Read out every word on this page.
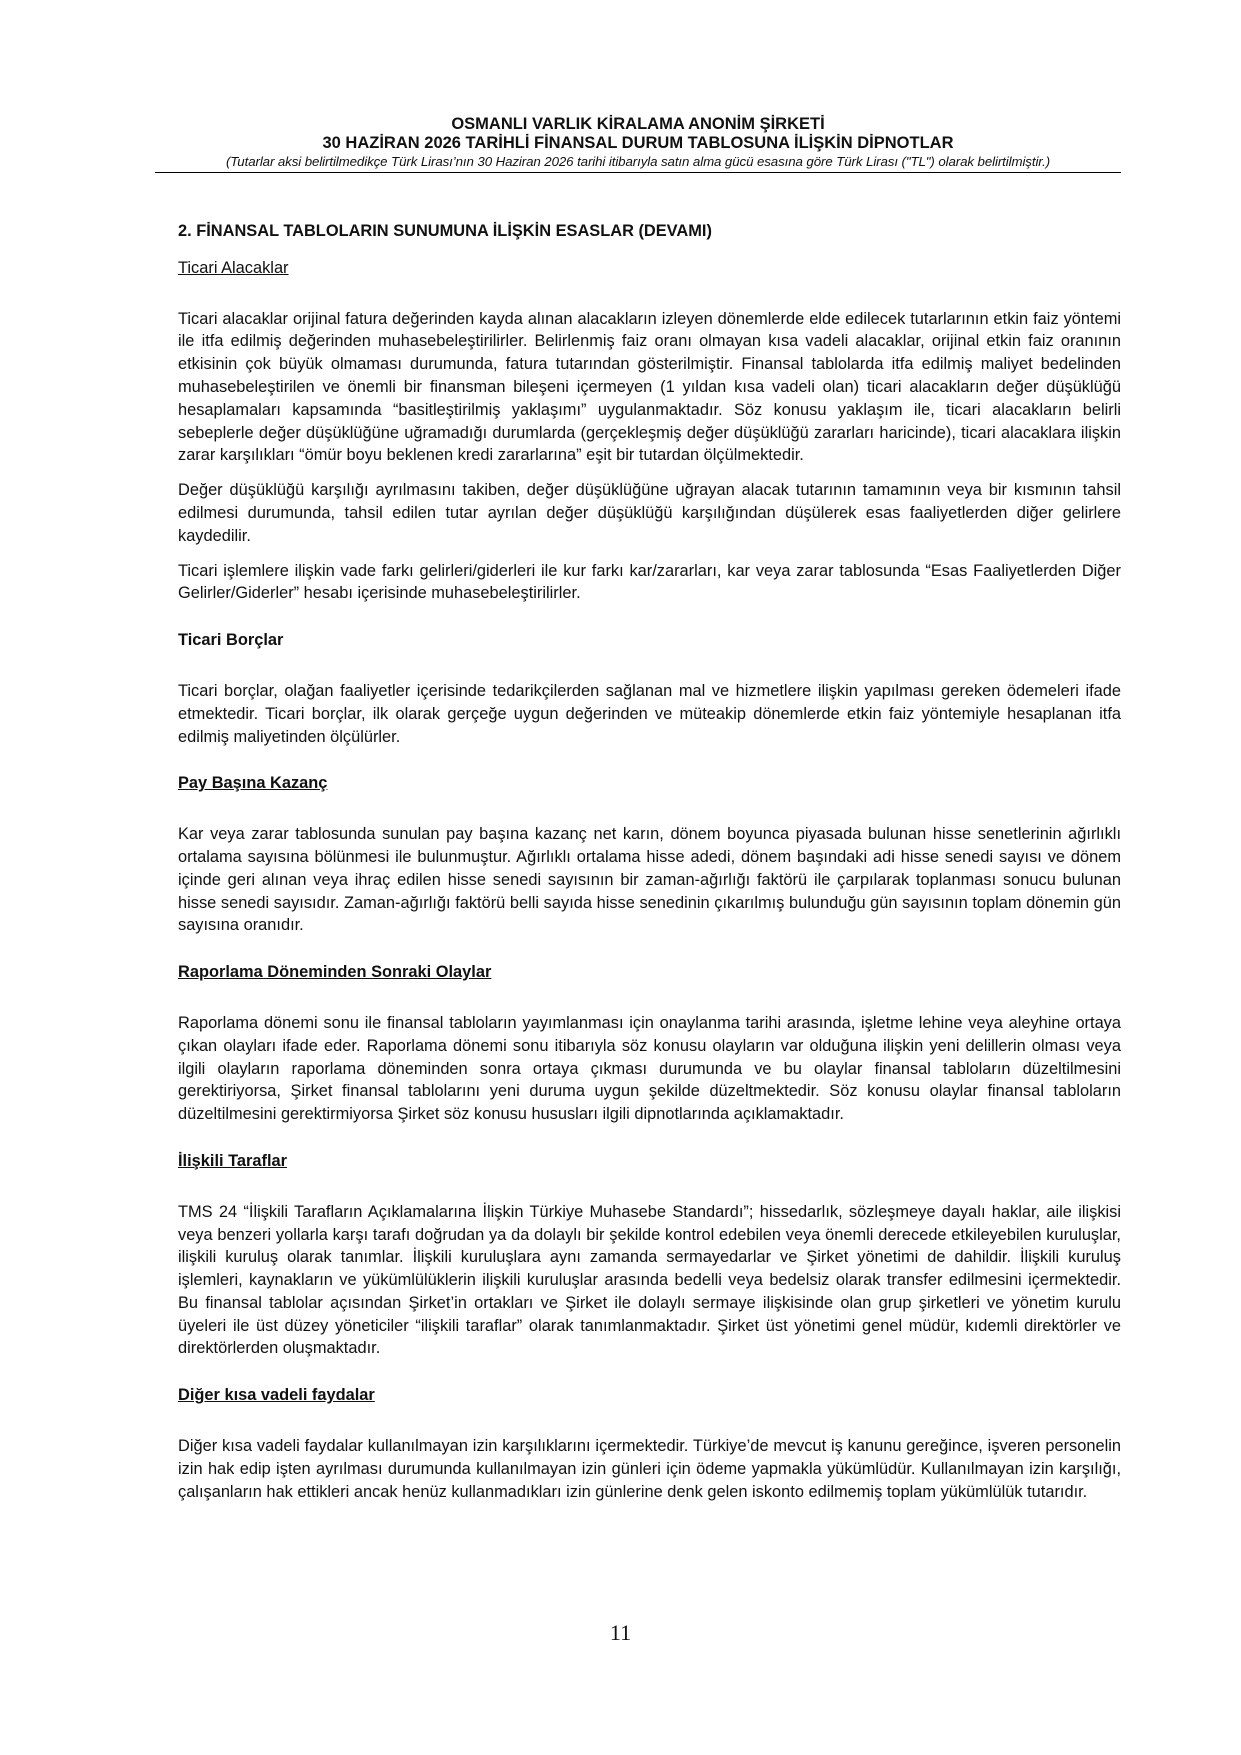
OSMANLI VARLIK KİRALAMA ANONİM ŞİRKETİ
30 HAZİRAN 2026 TARİHLİ FİNANSAL DURUM TABLOSUNA İLİŞKİN DİPNOTLAR
(Tutarlar aksi belirtilmedikçe Türk Lirası’nın 30 Haziran 2026 tarihi itibarıyla satın alma gücü esasına göre Türk Lirası ("TL") olarak belirtilmiştir.)
2. FİNANSAL TABLOLARIN SUNUMUNA İLİŞKİN ESASLAR (DEVAMI)
Ticari Alacaklar

Ticari alacaklar orijinal fatura değerinden kayda alınan alacakların izleyen dönemlerde elde edilecek tutarlarının etkin faiz yöntemi ile itfa edilmiş değerinden muhasebeleştirilirler. Belirlenmiş faiz oranı olmayan kısa vadeli alacaklar, orijinal etkin faiz oranının etkisinin çok büyük olmaması durumunda, fatura tutarından gösterilmiştir. Finansal tablolarda itfa edilmiş maliyet bedelinden muhasebeleştirilen ve önemli bir finansman bileşeni içermeyen (1 yıldan kısa vadeli olan) ticari alacakların değer düşüklüğü hesaplamaları kapsamında “basitleştirilmiş yaklaşımı” uygulanmaktadır. Söz konusu yaklaşım ile, ticari alacakların belirli sebeplerle değer düşüklüğüne uğramadığı durumlarda (gerçekleşmiş değer düşüklüğü zararları haricinde), ticari alacaklara ilişkin zarar karşılıkları “ömür boyu beklenen kredi zararlarına” eşit bir tutardan ölçülmektedir.

Değer düşüklüğü karşılığı ayrılmasını takiben, değer düşüklüğüne uğrayan alacak tutarının tamamının veya bir kısmının tahsil edilmesi durumunda, tahsil edilen tutar ayrılan değer düşüklüğü karşılığından düşülerek esas faaliyetlerden diğer gelirlere kaydedilir.

Ticari işlemlere ilişkin vade farkı gelirleri/giderleri ile kur farkı kar/zararları, kar veya zarar tablosunda “Esas Faaliyetlerden Diğer Gelirler/Giderler” hesabı içerisinde muhasebeleştirilirler.

Ticari Borçlar

Ticari borçlar, olağan faaliyetler içerisinde tedarikçilerden sağlanan mal ve hizmetlere ilişkin yapılması gereken ödemeleri ifade etmektedir. Ticari borçlar, ilk olarak gerçeğe uygun değerinden ve müteakip dönemlerde etkin faiz yöntemiyle hesaplanan itfa edilmiş maliyetinden ölçülürler.

Pay Başına Kazanç

Kar veya zarar tablosunda sunulan pay başına kazanç net karın, dönem boyunca piyasada bulunan hisse senetlerinin ağırlıklı ortalama sayısına bölünmesi ile bulunmuştur. Ağırlıklı ortalama hisse adedi, dönem başındaki adi hisse senedi sayısı ve dönem içinde geri alınan veya ihraç edilen hisse senedi sayısının bir zaman-ağırlığı faktörü ile çarpılarak toplanması sonucu bulunan hisse senedi sayısıdır. Zaman-ağırlığı faktörü belli sayıda hisse senedinin çıkarılmış bulunduğu gün sayısının toplam dönemin gün sayısına oranıdır.

Raporlama Döneminden Sonraki Olaylar

Raporlama dönemi sonu ile finansal tabloların yayımlanması için onaylanma tarihi arasında, işletme lehine veya aleyhine ortaya çıkan olayları ifade eder. Raporlama dönemi sonu itibarıyla söz konusu olayların var olduğuna ilişkin yeni delillerin olması veya ilgili olayların raporlama döneminden sonra ortaya çıkması durumunda ve bu olaylar finansal tabloların düzeltilmesini gerektiriyorsa, Şirket finansal tablolarını yeni duruma uygun şekilde düzeltmektedir. Söz konusu olaylar finansal tabloların düzeltilmesini gerektirmiyorsa Şirket söz konusu hususları ilgili dipnotlarında açıklamaktadır.

İlişkili Taraflar

TMS 24 “İlişkili Tarafların Açıklamalarına İlişkin Türkiye Muhasebe Standardı”; hissedarlık, sözleşmeye dayalı haklar, aile ilişkisi veya benzeri yollarla karşı tarafı doğrudan ya da dolaylı bir şekilde kontrol edebilen veya önemli derecede etkileyebilen kuruluşlar, ilişkili kuruluş olarak tanımlar. İlişkili kuruluşlara aynı zamanda sermayedarlar ve Şirket yönetimi de dahildir. İlişkili kuruluş işlemleri, kaynakların ve yükümlülüklerin ilişkili kuruluşlar arasında bedelli veya bedelsiz olarak transfer edilmesini içermektedir. Bu finansal tablolar açısından Şirket’in ortakları ve Şirket ile dolaylı sermaye ilişkisinde olan grup şirketleri ve yönetim kurulu üyeleri ile üst düzey yöneticiler “ilişkili taraflar” olarak tanımlanmaktadır. Şirket üst yönetimi genel müdür, kıdemli direktörler ve direktörlerden oluşmaktadır.

Diğer kısa vadeli faydalar

Diğer kısa vadeli faydalar kullanılmayan izin karşılıklarını içermektedir. Türkiye’de mevcut iş kanunu gereğince, işveren personelin izin hak edip işten ayrılması durumunda kullanılmayan izin günleri için ödeme yapmakla yükümlüdür. Kullanılmayan izin karşılığı, çalışanların hak ettikleri ancak henüz kullanmadıkları izin günlerine denk gelen iskonto edilmemiş toplam yükümlülük tutarıdır.

11
